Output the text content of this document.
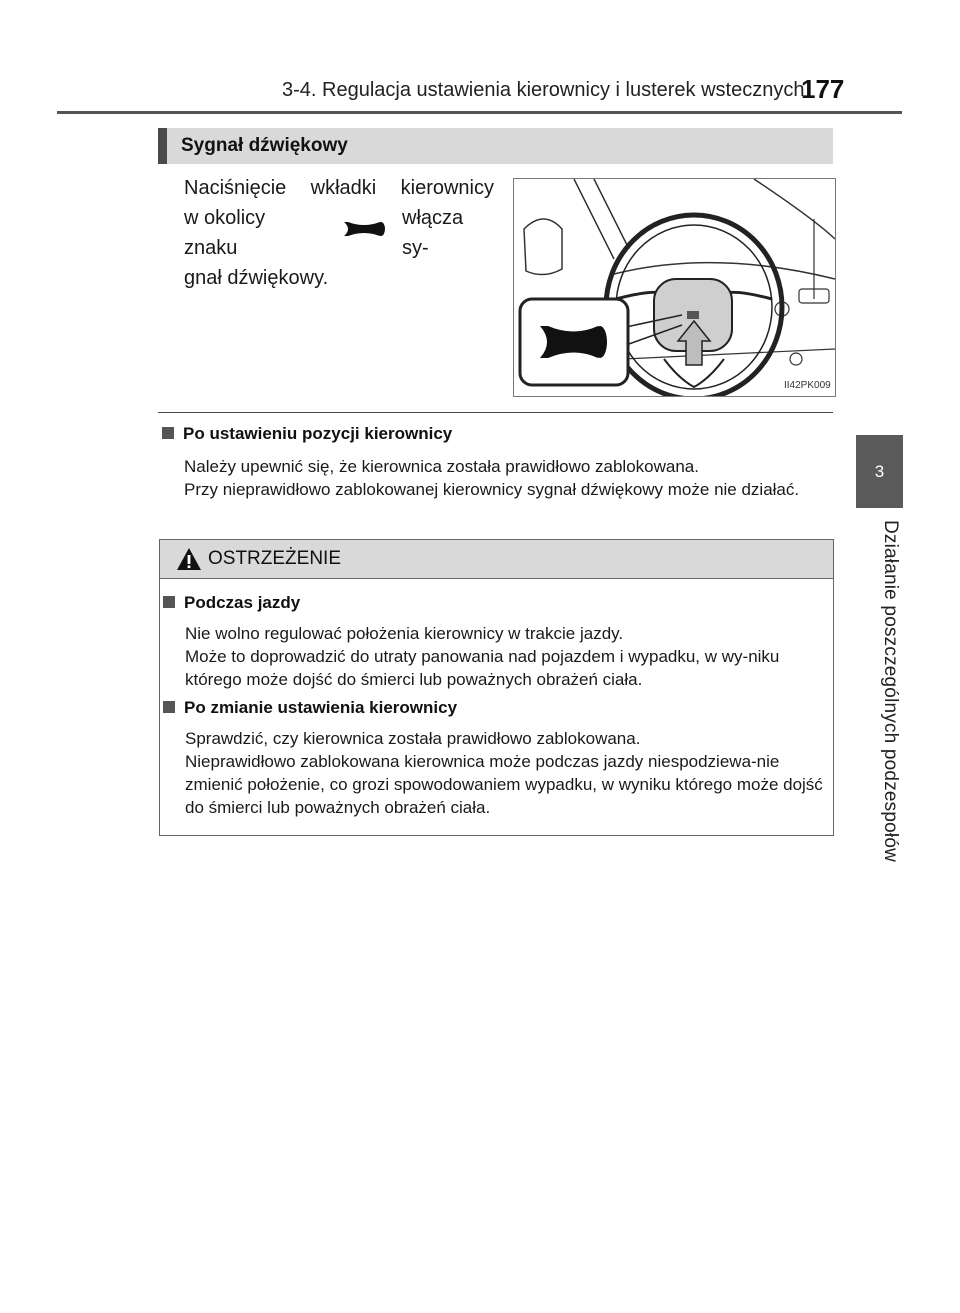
3-4. Regulacja ustawienia kierownicy i lusterek wstecznych
177
3
Działanie poszczególnych podzespołów
Sygnał dźwiękowy
Naciśnięcie wkładki kierownicy
w okolicy znaku
włącza sy-
gnał dźwiękowy.
II42PK009
Po ustawieniu pozycji kierownicy

Należy upewnić się, że kierownica została prawidłowo zablokowana.

Przy nieprawidłowo zablokowanej kierownicy sygnał dźwiękowy może nie działać.

OSTRZEŻENIE
Podczas jazdy

Nie wolno regulować położenia kierownicy w trakcie jazdy.

Może to doprowadzić do utraty panowania nad pojazdem i wypadku, w wy-niku którego może dojść do śmierci lub poważnych obrażeń ciała.

Po zmianie ustawienia kierownicy

Sprawdzić, czy kierownica została prawidłowo zablokowana.

Nieprawidłowo zablokowana kierownica może podczas jazdy niespodziewa-nie zmienić położenie, co grozi spowodowaniem wypadku, w wyniku którego może dojść do śmierci lub poważnych obrażeń ciała.
